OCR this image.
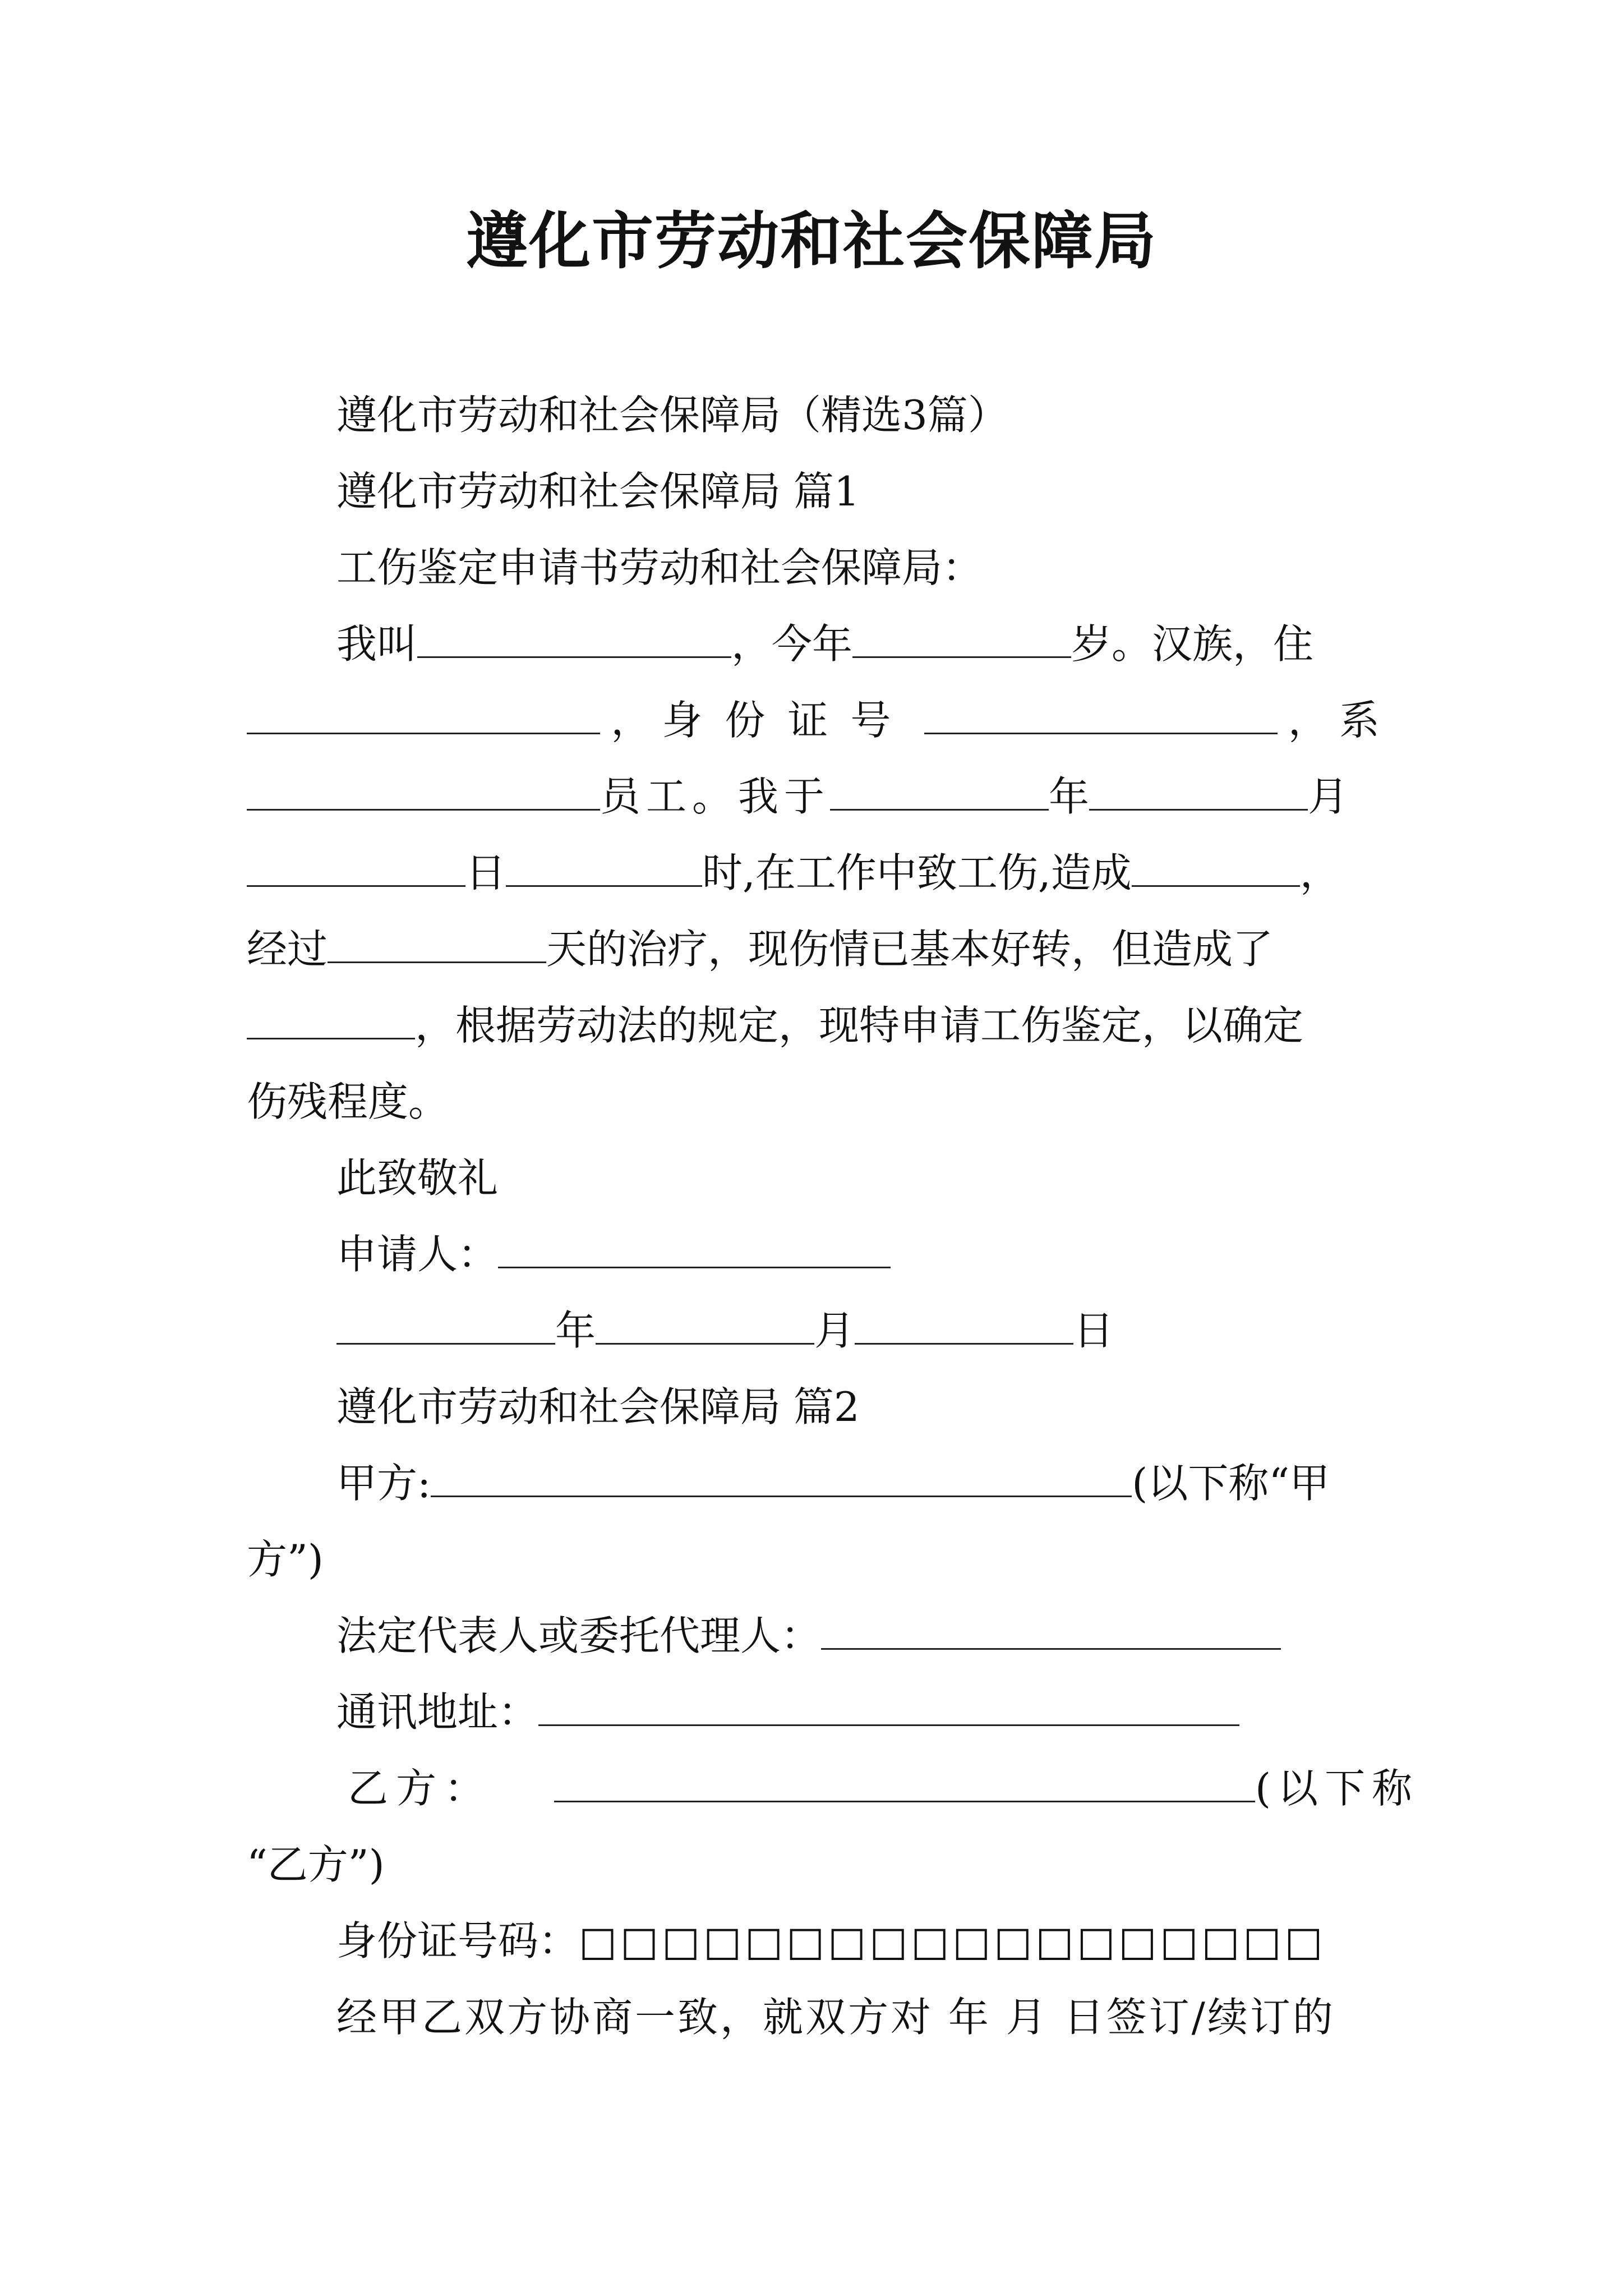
遵化市劳动和社会保障局
遵化市劳动和社会保障局（精选3篇）
遵化市劳动和社会保障局 篇1
工伤鉴定申请书劳动和社会保障局：
我叫	，今年	岁。汉族，住
， 身份证号	， 系
员工。我于	年	月
日	时,在工作中致工伤,造成	，
经过	天的治疗，现伤情已基本好转，但造成了
，根据劳动法的规定，现特申请工伤鉴定，以确定
伤残程度。
此致敬礼
申请人：
年	月	日
遵化市劳动和社会保障局 篇2
甲方:	(以下称“甲
方”)
法定代表人或委托代理人：
通讯地址：
乙方：	(以下称
“乙方”)
身份证号码：□□□□□□□□□□□□□□□□□□
经甲乙双方协商一致，就双方对 年 月 日签订/续订的
